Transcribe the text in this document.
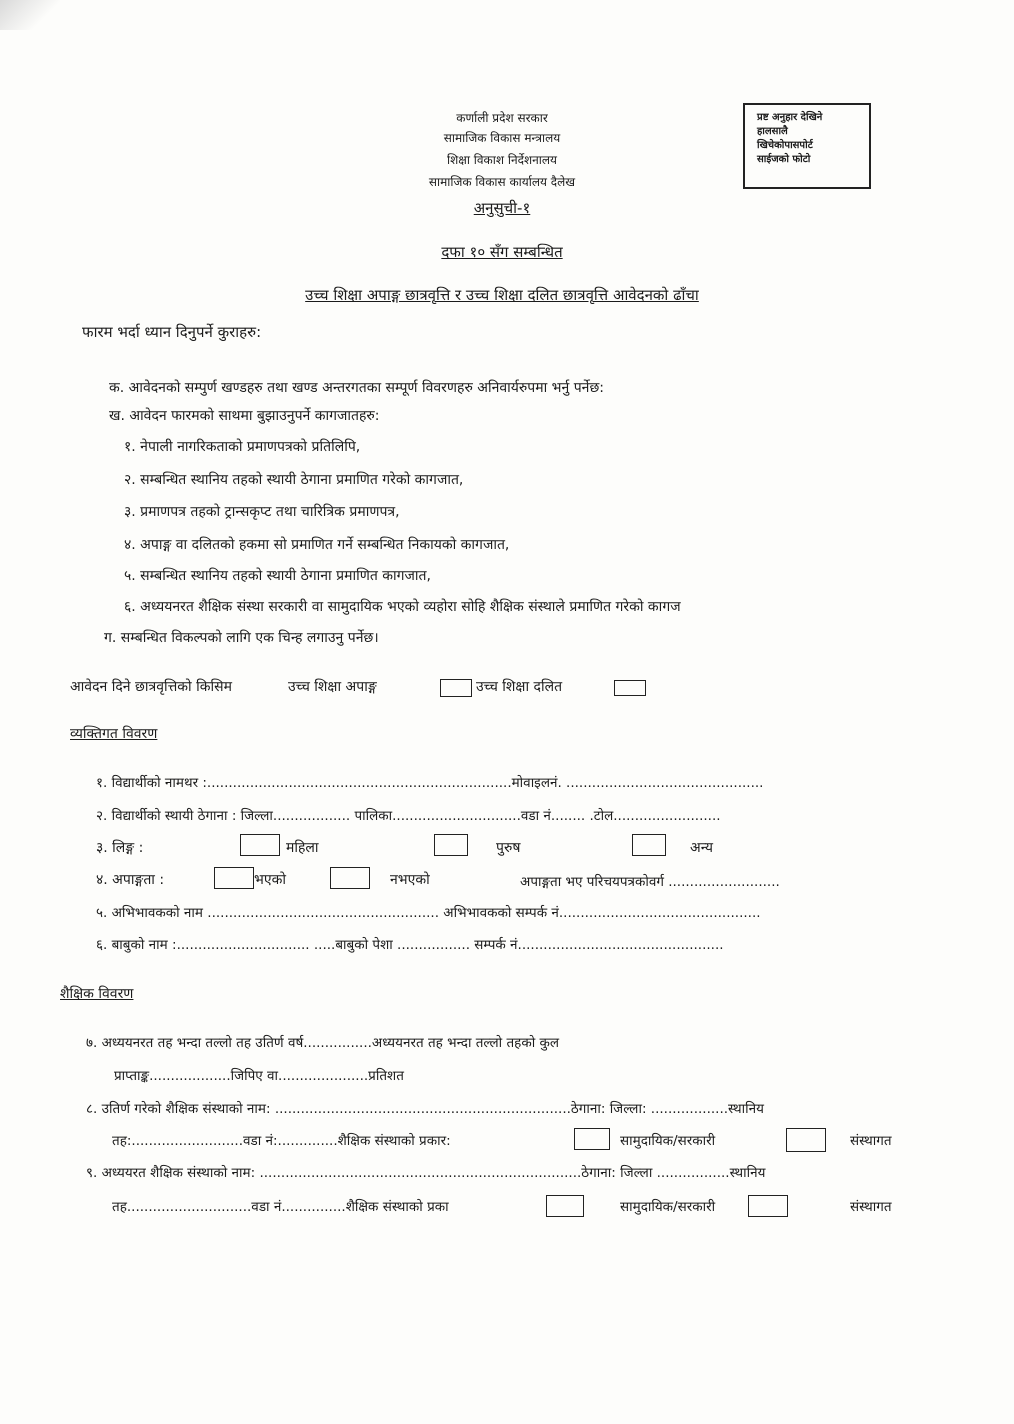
कर्णाली प्रदेश सरकार
सामाजिक विकास मन्त्रालय
शिक्षा विकाश निर्देशनालय
सामाजिक विकास कार्यालय दैलेख
अनुसुची-१
दफा १० सँग सम्बन्धित
उच्च शिक्षा अपाङ्ग छात्रवृत्ति र उच्च शिक्षा दलित छात्रवृत्ति आवेदनको ढाँचा
प्रष्ट अनुहार देखिने
हालसालै
खिचेकोपासपोर्ट
साईजको फोटो
फारम भर्दा ध्यान दिनुपर्ने कुराहरु:
क. आवेदनको सम्पुर्ण खण्डहरु तथा खण्ड अन्तरगतका सम्पूर्ण विवरणहरु अनिवार्यरुपमा भर्नु पर्नेछ:
ख. आवेदन फारमको साथमा बुझाउनुपर्ने कागजातहरु:
१. नेपाली नागरिकताको प्रमाणपत्रको प्रतिलिपि,
२. सम्बन्धित स्थानिय तहको स्थायी ठेगाना प्रमाणित गरेको कागजात,
३. प्रमाणपत्र तहको ट्रान्सकृप्ट तथा चारित्रिक प्रमाणपत्र,
४. अपाङ्ग वा दलितको हकमा सो प्रमाणित गर्ने सम्बन्धित निकायको कागजात,
५. सम्बन्धित स्थानिय तहको स्थायी ठेगाना प्रमाणित कागजात,
६. अध्ययनरत शैक्षिक संस्था सरकारी वा सामुदायिक भएको व्यहोरा सोहि शैक्षिक संस्थाले प्रमाणित गरेको कागज
ग. सम्बन्धित विकल्पको लागि एक चिन्ह लगाउनु पर्नेछ।
आवेदन दिने छात्रवृत्तिको किसिम	उच्च शिक्षा अपाङ्ग	उच्च शिक्षा दलित
व्यक्तिगत विवरण
१. विद्यार्थीको नामथर :.......................................................................मोवाइलनं. ..............................................
२. विद्यार्थीको स्थायी ठेगाना : जिल्ला.................. पालिका..............................वडा नं........ .टोल.........................
३. लिङ्ग :	महिला	पुरुष	अन्य
४. अपाङ्गता :	भएको	नभएको	अपाङ्गता भए परिचयपत्रकोवर्ग ..........................
५. अभिभावकको नाम ...................................................... अभिभावकको सम्पर्क नं...............................................
६. बाबुको नाम :............................... .....बाबुको पेशा ................. सम्पर्क नं................................................
शैक्षिक विवरण
७. अध्ययनरत तह भन्दा तल्लो तह उतिर्ण वर्ष................अध्ययनरत तह भन्दा तल्लो तहको कुल
प्राप्ताङ्क...................जिपिए वा.....................प्रतिशत
८. उतिर्ण गरेको शैक्षिक संस्थाको नाम: .....................................................................ठेगाना: जिल्ला: ..................स्थानिय
तह:..........................वडा नं:..............शैक्षिक संस्थाको प्रकार:	सामुदायिक/सरकारी	संस्थागत
९. अध्ययरत शैक्षिक संस्थाको नाम: ...........................................................................ठेगाना: जिल्ला .................स्थानिय
तह.............................वडा नं...............शैक्षिक संस्थाको प्रका	सामुदायिक/सरकारी	संस्थागत
